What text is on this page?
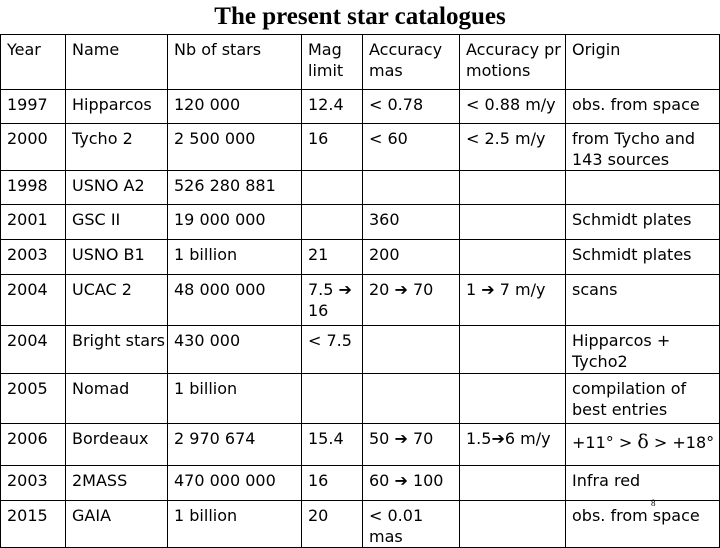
The present star catalogues
Year	Name	Nb of stars	Mag limit	Accuracy mas	Accuracy pr motions	Origin
1997	Hipparcos	120 000	12.4	< 0.78	< 0.88 m/y	obs. from space
2000	Tycho 2	2 500 000	16	< 60	< 2.5 m/y	from Tycho and 143 sources
1998	USNO A2	526 280 881				
2001	GSC II	19 000 000		360		Schmidt plates
2003	USNO B1	1 billion	21	200		Schmidt plates
2004	UCAC 2	48 000 000	7.5 ➔ 16	20 ➔ 70	1 ➔ 7 m/y	scans
2004	Bright stars	430 000	< 7.5			Hipparcos + Tycho2
2005	Nomad	1 billion				compilation of best entries
2006	Bordeaux	2 970 674	15.4	50 ➔ 70	1.5➔6 m/y	+11° > δ > +18°
2003	2MASS	470 000 000	16	60 ➔ 100		Infra red
2015	GAIA	1 billion	20	< 0.01 mas		obs. from space
8
